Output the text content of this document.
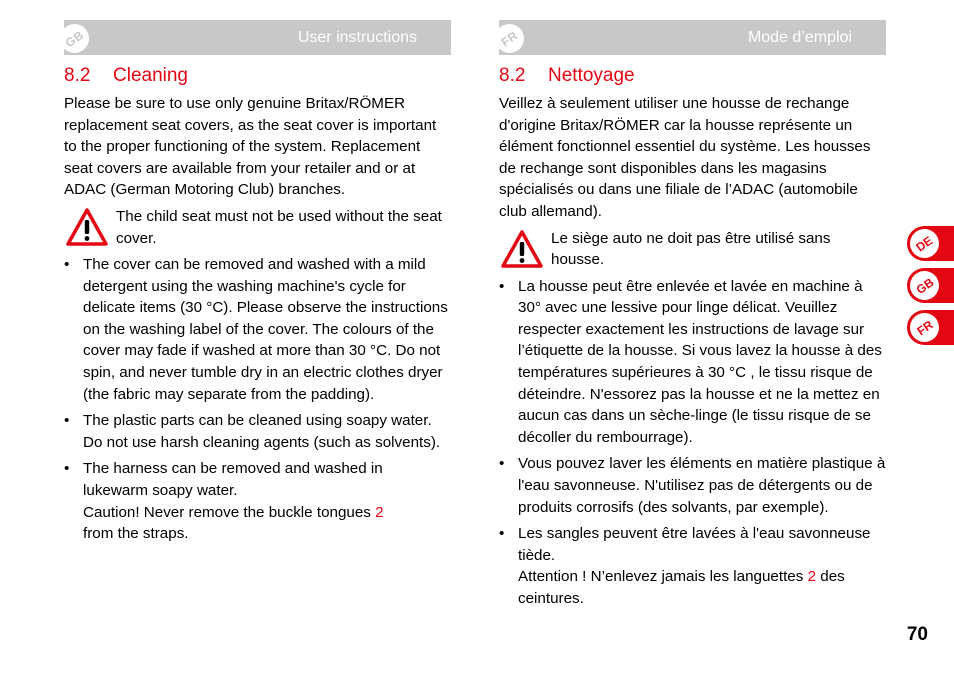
GB	User instructions
8.2 Cleaning

Please be sure to use only genuine Britax/RÖMER replacement seat covers, as the seat cover is important to the proper functioning of the system. Replacement seat covers are available from your retailer and or at ADAC (German Motoring Club) branches.

The child seat must not be used without the seat cover.

• The cover can be removed and washed with a mild detergent using the washing machine's cycle for delicate items (30 °C). Please observe the instructions on the washing label of the cover. The colours of the cover may fade if washed at more than 30 °C. Do not spin, and never tumble dry in an electric clothes dryer (the fabric may separate from the padding).
• The plastic parts can be cleaned using soapy water. Do not use harsh cleaning agents (such as solvents).
• The harness can be removed and washed in lukewarm soapy water.
Caution! Never remove the buckle tongues 2
from the straps.
FR	Mode d’emploi
8.2 Nettoyage

Veillez à seulement utiliser une housse de rechange d'origine Britax/RÖMER car la housse représente un élément fonctionnel essentiel du système. Les housses de rechange sont disponibles dans les magasins spécialisés ou dans une filiale de l’ADAC (automobile club allemand).

Le siège auto ne doit pas être utilisé sans housse.

• La housse peut être enlevée et lavée en machine à 30° avec une lessive pour linge délicat. Veuillez respecter exactement les instructions de lavage sur l’étiquette de la housse. Si vous lavez la housse à des températures supérieures à 30 °C , le tissu risque de déteindre. N'essorez pas la housse et ne la mettez en aucun cas dans un sèche-linge (le tissu risque de se décoller du rembourrage).
• Vous pouvez laver les éléments en matière plastique à l'eau savonneuse. N'utilisez pas de détergents ou de produits corrosifs (des solvants, par exemple).
• Les sangles peuvent être lavées à l'eau savonneuse tiède.
Attention ! N’enlevez jamais les languettes 2 des ceintures.
DE
GB
FR
70
